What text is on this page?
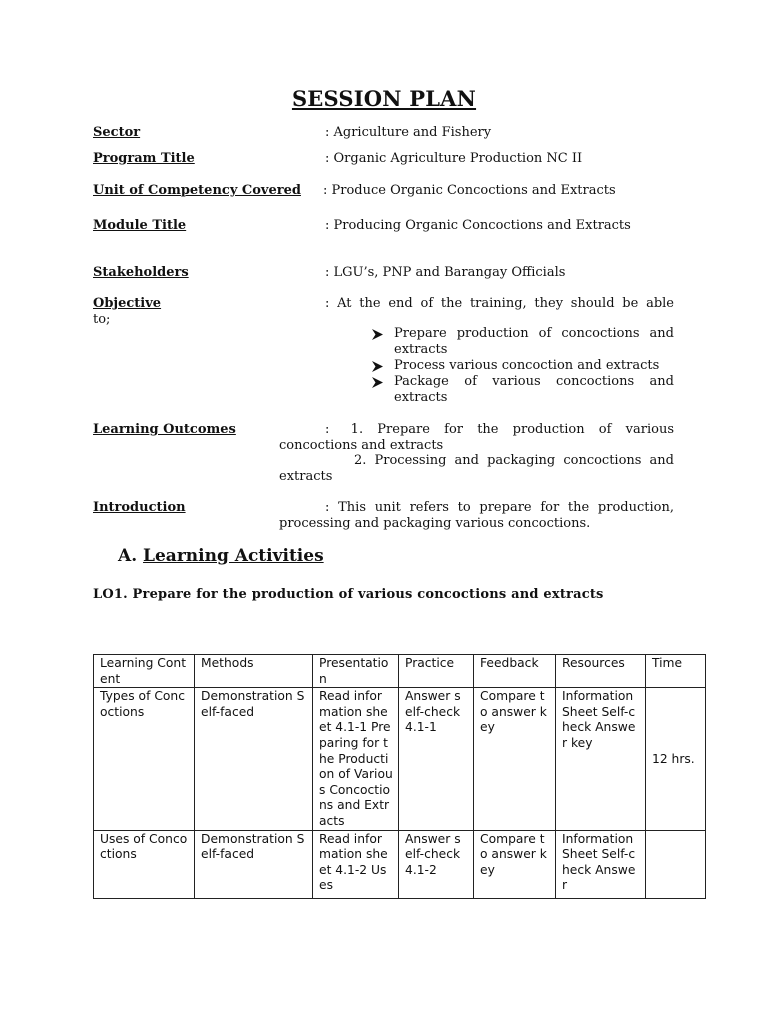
SESSION PLAN
Sector	: Agriculture and Fishery
Program Title	: Organic Agriculture Production NC II
Unit of Competency Covered : Produce Organic Concoctions and Extracts
Module Title	: Producing Organic Concoctions and Extracts
Stakeholders	: LGU’s, PNP and Barangay Officials
Objective	: At the end of the training, they should be able
to;
Prepare production of concoctions and extracts
Process various concoction and extracts
Package of various concoctions and extracts
Learning Outcomes	:   1.  Prepare  for  the  production  of  various
concoctions and extracts
2. Processing and packaging concoctions and
extracts
Introduction	: This unit refers to prepare for the production,
processing and packaging various concoctions.
A. Learning Activities
LO1. Prepare for the production of various concoctions and extracts
Learning Content	Methods	Presentation	Practice	Feedback	Resources	Time
Types of Concoctions	Demonstration Self-faced	Read information sheet 4.1-1 Preparing for the Production of Various Concoctions and Extracts	Answer self-check 4.1-1	Compare to answer key	Information Sheet Self-check Answer key	12 hrs.
Uses of Concoctions	Demonstration Self-faced	Read information sheet 4.1-2 Uses	Answer self-check 4.1-2	Compare to answer key	Information Sheet Self-check Answer	
